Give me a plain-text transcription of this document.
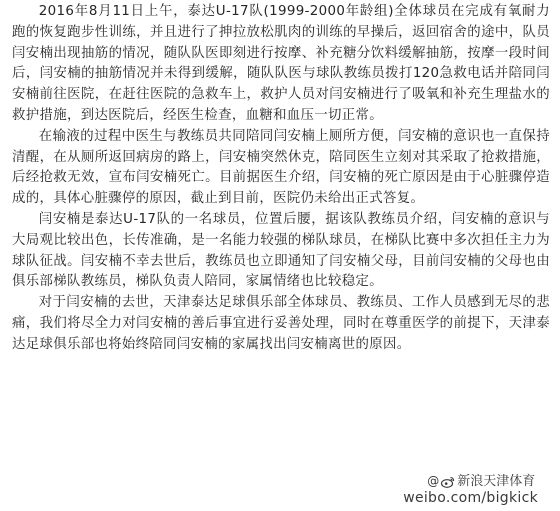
2016年8月11日上午，泰达U-17队(1999-2000年龄组)全体球员在完成有氧耐力跑的恢复跑步性训练，并且进行了抻拉放松肌肉的训练的早操后，返回宿舍的途中，队员闫安楠出现抽筋的情况，随队队医即刻进行按摩、补充糖分饮料缓解抽筋，按摩一段时间后，闫安楠的抽筋情况并未得到缓解，随队队医与球队教练员拨打120急救电话并陪同闫安楠前往医院，在赶往医院的急救车上，救护人员对闫安楠进行了吸氧和补充生理盐水的救护措施，到达医院后，经医生检查，血糖和血压一切正常。

在输液的过程中医生与教练员共同陪同闫安楠上厕所方便，闫安楠的意识也一直保持清醒，在从厕所返回病房的路上，闫安楠突然休克，陪同医生立刻对其采取了抢救措施，后经抢救无效，宣布闫安楠死亡。目前据医生介绍，闫安楠的死亡原因是由于心脏骤停造成的，具体心脏骤停的原因，截止到目前，医院仍未给出正式答复。

闫安楠是泰达U-17队的一名球员，位置后腰，据该队教练员介绍，闫安楠的意识与大局观比较出色，长传准确，是一名能力较强的梯队球员，在梯队比赛中多次担任主力为球队征战。闫安楠不幸去世后，教练员也立即通知了闫安楠父母，目前闫安楠的父母也由俱乐部梯队教练员，梯队负责人陪同，家属情绪也比较稳定。

对于闫安楠的去世，天津泰达足球俱乐部全体球员、教练员、工作人员感到无尽的悲痛，我们将尽全力对闫安楠的善后事宜进行妥善处理，同时在尊重医学的前提下，天津泰达足球俱乐部也将始终陪同闫安楠的家属找出闫安楠离世的原因。

@ 新浪天津体育
weibo.com/bigkick
